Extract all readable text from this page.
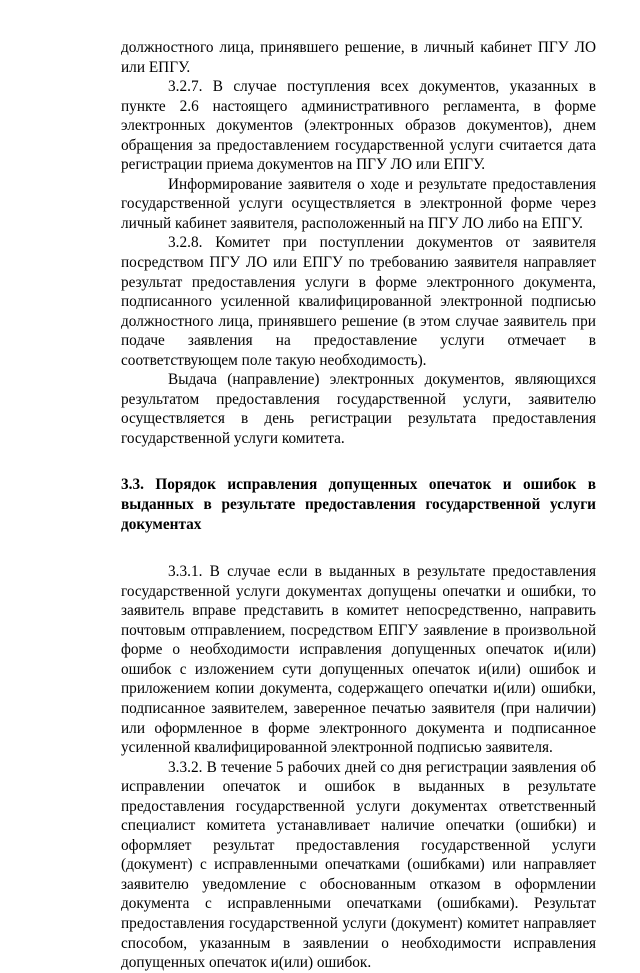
должностного лица, принявшего решение, в личный кабинет ПГУ ЛО или ЕПГУ.

3.2.7. В случае поступления всех документов, указанных в пункте 2.6 настоящего административного регламента, в форме электронных документов (электронных образов документов), днем обращения за предоставлением государственной услуги считается дата регистрации приема документов на ПГУ ЛО или ЕПГУ.

Информирование заявителя о ходе и результате предоставления государственной услуги осуществляется в электронной форме через личный кабинет заявителя, расположенный на ПГУ ЛО либо на ЕПГУ.

3.2.8. Комитет при поступлении документов от заявителя посредством ПГУ ЛО или ЕПГУ по требованию заявителя направляет результат предоставления услуги в форме электронного документа, подписанного усиленной квалифицированной электронной подписью должностного лица, принявшего решение (в этом случае заявитель при подаче заявления на предоставление услуги отмечает в соответствующем поле такую необходимость).

Выдача (направление) электронных документов, являющихся результатом предоставления государственной услуги, заявителю осуществляется в день регистрации результата предоставления государственной услуги комитета.

3.3. Порядок исправления допущенных опечаток и ошибок в выданных в результате предоставления государственной услуги документах

3.3.1. В случае если в выданных в результате предоставления государственной услуги документах допущены опечатки и ошибки, то заявитель вправе представить в комитет непосредственно, направить почтовым отправлением, посредством ЕПГУ заявление в произвольной форме о необходимости исправления допущенных опечаток и(или) ошибок с изложением сути допущенных опечаток и(или) ошибок и приложением копии документа, содержащего опечатки и(или) ошибки, подписанное заявителем, заверенное печатью заявителя (при наличии) или оформленное в форме электронного документа и подписанное усиленной квалифицированной электронной подписью заявителя.

3.3.2. В течение 5 рабочих дней со дня регистрации заявления об исправлении опечаток и ошибок в выданных в результате предоставления государственной услуги документах ответственный специалист комитета устанавливает наличие опечатки (ошибки) и оформляет результат предоставления государственной услуги (документ) с исправленными опечатками (ошибками) или направляет заявителю уведомление с обоснованным отказом в оформлении документа с исправленными опечатками (ошибками). Результат предоставления государственной услуги (документ) комитет направляет способом, указанным в заявлении о необходимости исправления допущенных опечаток и(или) ошибок.
